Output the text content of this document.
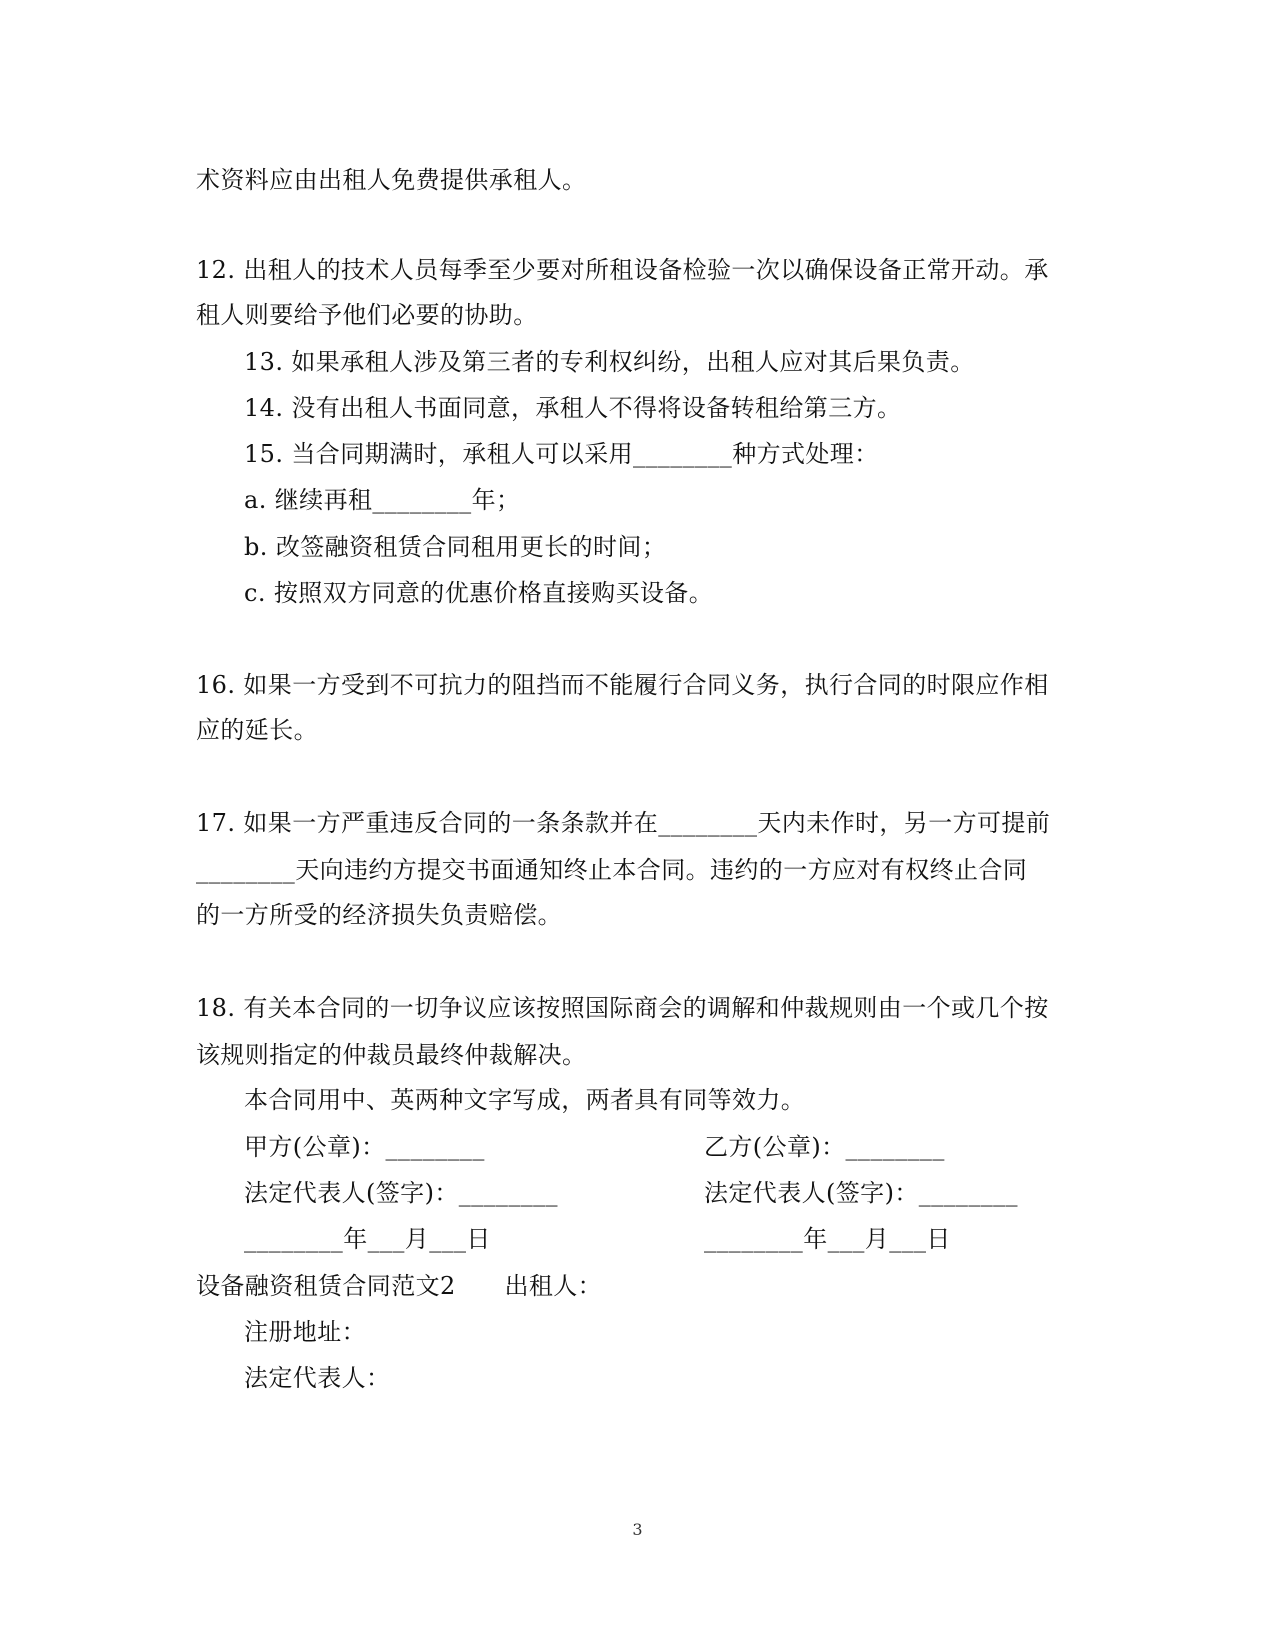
术资料应由出租人免费提供承租人。
12. 出租人的技术人员每季至少要对所租设备检验一次以确保设备正常开动。承
租人则要给予他们必要的协助。
13. 如果承租人涉及第三者的专利权纠纷，出租人应对其后果负责。
14. 没有出租人书面同意，承租人不得将设备转租给第三方。
15. 当合同期满时，承租人可以采用________种方式处理：
a. 继续再租________年；
b. 改签融资租赁合同租用更长的时间；
c. 按照双方同意的优惠价格直接购买设备。
16. 如果一方受到不可抗力的阻挡而不能履行合同义务，执行合同的时限应作相
应的延长。
17. 如果一方严重违反合同的一条条款并在________天内未作时，另一方可提前
________天向违约方提交书面通知终止本合同。违约的一方应对有权终止合同
的一方所受的经济损失负责赔偿。
18. 有关本合同的一切争议应该按照国际商会的调解和仲裁规则由一个或几个按
该规则指定的仲裁员最终仲裁解决。
本合同用中、英两种文字写成，两者具有同等效力。
甲方(公章)：________	乙方(公章)：________
法定代表人(签字)：________	法定代表人(签字)：________
________年___月___日	________年___月___日
设备融资租赁合同范文2　　出租人：
注册地址：
法定代表人：
3
